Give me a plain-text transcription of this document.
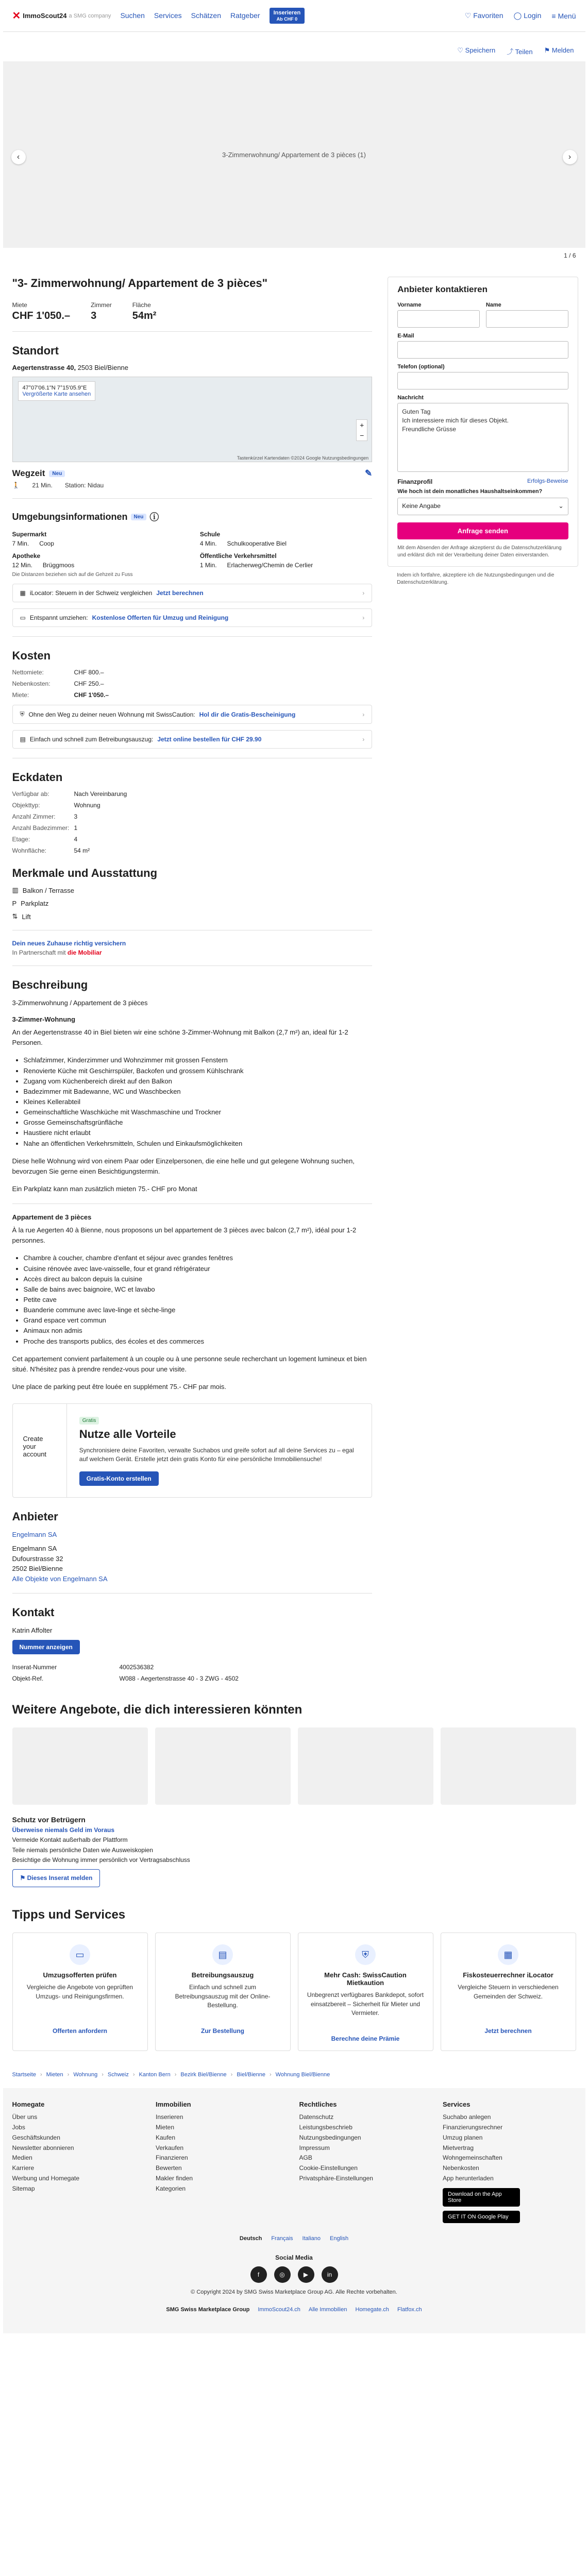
✕ ImmoScout24 a SMG company Suchen Services Schätzen Ratgeber	Inserieren
Ab CHF 0	♡ Favoriten ◯ Login ≡ Menü
♡ Speichern ⤴ Teilen ⚑ Melden
‹	3-Zimmerwohnung/ Appartement de 3 pièces (1)	›
1 / 6
"3- Zimmerwohnung/ Appartement de 3 pièces"
Miete
CHF 1'050.–
Zimmer
3
Fläche
54m²
Standort
Aegertenstrasse 40, 2503 Biel/Bienne
47°07'06.1"N 7°15'05.9"E
Vergrößerte Karte ansehen
+
−
Tastenkürzel Kartendaten ©2024 Google Nutzungsbedingungen
Wegzeit	Neu	✎
🚶 21 Min. Station: Nidau
Umgebungsinformationen	Neu ⓘ
Supermarkt
7 Min. Coop
Schule
4 Min. Schulkooperative Biel
Apotheke
12 Min. Brüggmoos
Öffentliche Verkehrsmittel
1 Min. Erlacherweg/Chemin de Cerlier
Die Distanzen beziehen sich auf die Gehzeit zu Fuss
▦ iLocator: Steuern in der Schweiz vergleichen Jetzt berechnen	›
▭ Entspannt umziehen: Kostenlose Offerten für Umzug und Reinigung	›
Kosten
Nettomiete:	CHF 800.–
Nebenkosten:	CHF 250.–
Miete:	CHF 1'050.–
⛨ Ohne den Weg zu deiner neuen Wohnung mit SwissCaution: Hol dir die Gratis-Bescheinigung	›
▤ Einfach und schnell zum Betreibungsauszug: Jetzt online bestellen für CHF 29.90	›
Eckdaten
Verfügbar ab:	Nach Vereinbarung
Objekttyp:	Wohnung
Anzahl Zimmer:	3
Anzahl Badezimmer: 1
Etage:	4
Wohnfläche:	54 m²
Merkmale und Ausstattung
▥ Balkon / Terrasse
P Parkplatz
⇅ Lift
Dein neues Zuhause richtig versichern
In Partnerschaft mit die Mobiliar
Beschreibung

3-Zimmerwohnung / Appartement de 3 pièces

3-Zimmer-Wohnung

An der Aegertenstrasse 40 in Biel bieten wir eine schöne 3-Zimmer-Wohnung mit Balkon (2,7 m²) an, ideal für 1-2 Personen.

• Schlafzimmer, Kinderzimmer und Wohnzimmer mit grossen Fenstern
• Renovierte Küche mit Geschirrspüler, Backofen und grossem Kühlschrank
• Zugang vom Küchenbereich direkt auf den Balkon
• Badezimmer mit Badewanne, WC und Waschbecken
• Kleines Kellerabteil
• Gemeinschaftliche Waschküche mit Waschmaschine und Trockner
• Grosse Gemeinschaftsgrünfläche
• Haustiere nicht erlaubt
• Nahe an öffentlichen Verkehrsmitteln, Schulen und Einkaufsmöglichkeiten

Diese helle Wohnung wird von einem Paar oder Einzelpersonen, die eine helle und gut gelegene Wohnung suchen, bevorzugen Sie gerne einen Besichtigungstermin.

Ein Parkplatz kann man zusätzlich mieten 75.- CHF pro Monat

Appartement de 3 pièces

À la rue Aegerten 40 à Bienne, nous proposons un bel appartement de 3 pièces avec balcon (2,7 m²), idéal pour 1-2 personnes.

• Chambre à coucher, chambre d'enfant et séjour avec grandes fenêtres
• Cuisine rénovée avec lave-vaisselle, four et grand réfrigérateur
• Accès direct au balcon depuis la cuisine
• Salle de bains avec baignoire, WC et lavabo
• Petite cave
• Buanderie commune avec lave-linge et sèche-linge
• Grand espace vert commun
• Animaux non admis
• Proche des transports publics, des écoles et des commerces

Cet appartement convient parfaitement à un couple ou à une personne seule recherchant un logement lumineux et bien situé. N'hésitez pas à prendre rendez-vous pour une visite.

Une place de parking peut être louée en supplément 75.- CHF par mois.

Create your account
Gratis
Nutze alle Vorteile

Synchronisiere deine Favoriten, verwalte Suchabos und greife sofort auf all deine Services zu – egal auf welchem Gerät. Erstelle jetzt dein gratis Konto für eine persönliche Immobiliensuche!

Gratis-Konto erstellen
Anbieter
Engelmann SA
Engelmann SA
Dufourstrasse 32
2502 Biel/Bienne
Alle Objekte von Engelmann SA
Kontakt
Katrin Affolter
Nummer anzeigen
Inserat-Nummer	4002536382
Objekt-Ref.	W088 - Aegertenstrasse 40 - 3 ZWG - 4502
Anbieter kontaktieren
Vorname	Name
E-Mail
Telefon (optional)
Nachricht
Guten Tag
Ich interessiere mich für dieses Objekt.
Freundliche Grüsse
Finanzprofil	Erfolgs-Beweise
Wie hoch ist dein monatliches Haushaltseinkommen?
Keine Angabe	⌄
Anfrage senden
Mit dem Absenden der Anfrage akzeptierst du die Datenschutzerklärung und erklärst dich mit der Verarbeitung deiner Daten einverstanden.
Indem ich fortfahre, akzeptiere ich die Nutzungsbedingungen und die Datenschutzerklärung.
Weitere Angebote, die dich interessieren könnten
Schutz vor Betrügern
Überweise niemals Geld im Voraus
Vermeide Kontakt außerhalb der Plattform
Teile niemals persönliche Daten wie Ausweiskopien
Besichtige die Wohnung immer persönlich vor Vertragsabschluss
⚑ Dieses Inserat melden
Tipps und Services
▭
Umzugsofferten prüfen

Vergleiche die Angebote von geprüften Umzugs- und Reinigungsfirmen.

Offerten anfordern
▤
Betreibungsauszug

Einfach und schnell zum Betreibungsauszug mit der Online-Bestellung.

Zur Bestellung
⛨
Mehr Cash: SwissCaution Mietkaution

Unbegrenzt verfügbares Bankdepot, sofort einsatzbereit – Sicherheit für Mieter und Vermieter.

Berechne deine Prämie
▦
Fiskosteuerrechner iLocator

Vergleiche Steuern in verschiedenen Gemeinden der Schweiz.

Jetzt berechnen
Startseite › Mieten › Wohnung › Schweiz › Kanton Bern › Bezirk Biel/Bienne › Biel/Bienne › Wohnung Biel/Bienne
Homegate
Über uns
Jobs
Geschäftskunden
Newsletter abonnieren
Medien
Karriere
Werbung und Homegate
Sitemap
Immobilien
Inserieren
Mieten
Kaufen
Verkaufen
Finanzieren
Bewerten
Makler finden
Kategorien
Rechtliches
Datenschutz
Leistungsbeschrieb
Nutzungsbedingungen
Impressum
AGB
Cookie-Einstellungen
Privatsphäre-Einstellungen
Services
Suchabo anlegen
Finanzierungsrechner
Umzug planen
Mietvertrag
Wohngemeinschaften
Nebenkosten
App herunterladen
Download on the App StoreGET IT ON Google Play
Deutsch Français Italiano English
Social Media
f	◎	▶	in
© Copyright 2024 by SMG Swiss Marketplace Group AG. Alle Rechte vorbehalten.
SMG Swiss Marketplace Group ImmoScout24.ch Alle Immobilien Homegate.ch Flatfox.ch
